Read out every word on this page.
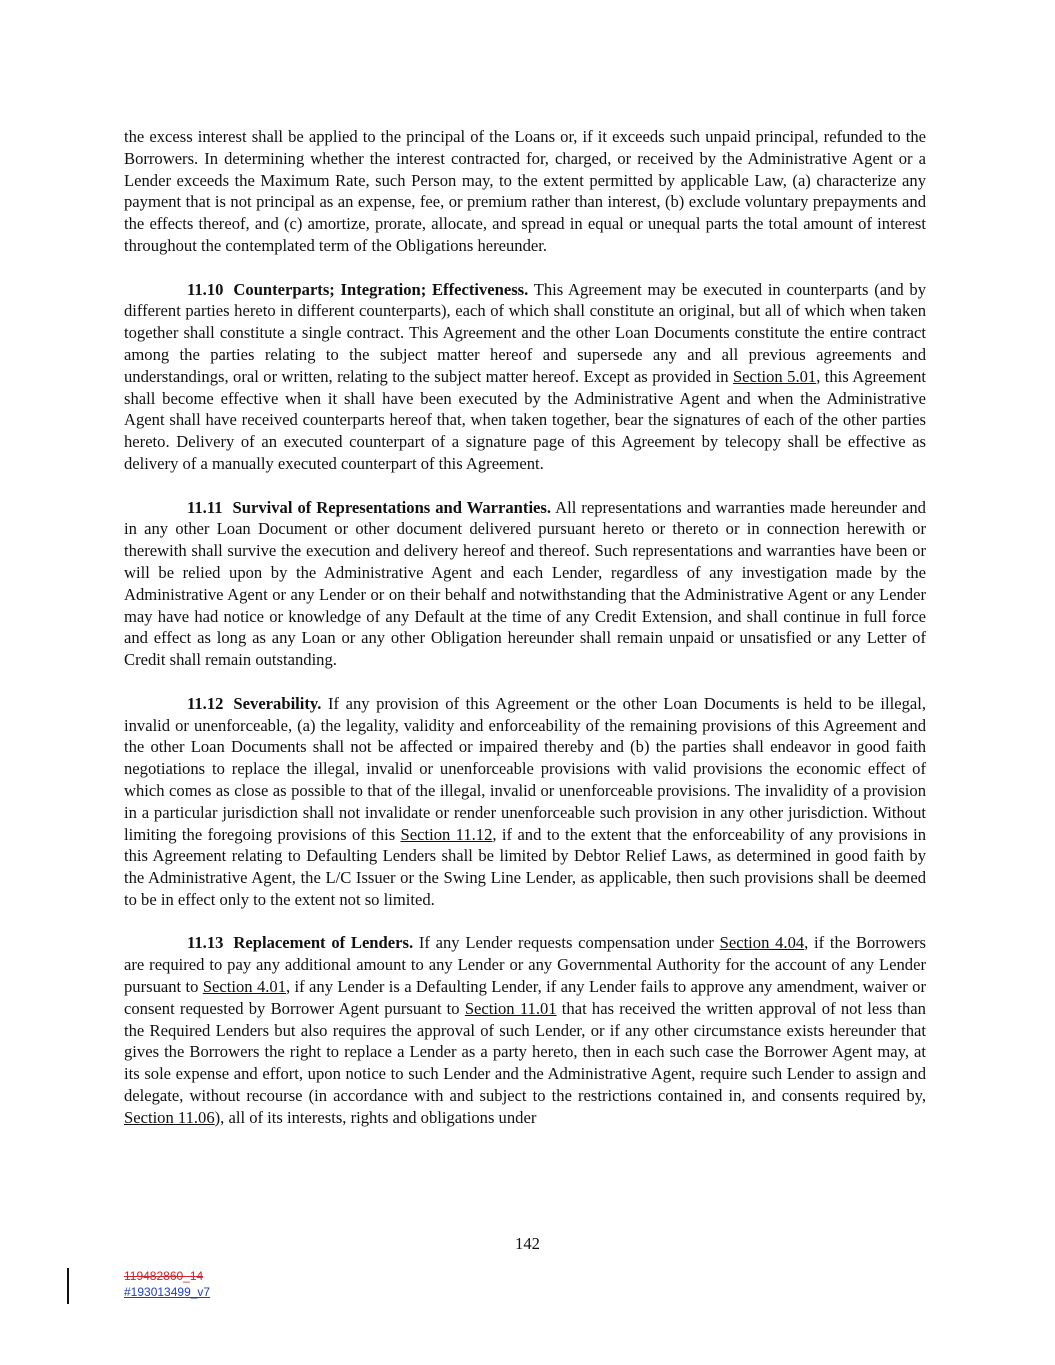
the excess interest shall be applied to the principal of the Loans or, if it exceeds such unpaid principal, refunded to the Borrowers. In determining whether the interest contracted for, charged, or received by the Administrative Agent or a Lender exceeds the Maximum Rate, such Person may, to the extent permitted by applicable Law, (a) characterize any payment that is not principal as an expense, fee, or premium rather than interest, (b) exclude voluntary prepayments and the effects thereof, and (c) amortize, prorate, allocate, and spread in equal or unequal parts the total amount of interest throughout the contemplated term of the Obligations hereunder.

11.10 Counterparts; Integration; Effectiveness. This Agreement may be executed in counterparts (and by different parties hereto in different counterparts), each of which shall constitute an original, but all of which when taken together shall constitute a single contract. This Agreement and the other Loan Documents constitute the entire contract among the parties relating to the subject matter hereof and supersede any and all previous agreements and understandings, oral or written, relating to the subject matter hereof. Except as provided in Section 5.01, this Agreement shall become effective when it shall have been executed by the Administrative Agent and when the Administrative Agent shall have received counterparts hereof that, when taken together, bear the signatures of each of the other parties hereto. Delivery of an executed counterpart of a signature page of this Agreement by telecopy shall be effective as delivery of a manually executed counterpart of this Agreement.

11.11 Survival of Representations and Warranties. All representations and warranties made hereunder and in any other Loan Document or other document delivered pursuant hereto or thereto or in connection herewith or therewith shall survive the execution and delivery hereof and thereof. Such representations and warranties have been or will be relied upon by the Administrative Agent and each Lender, regardless of any investigation made by the Administrative Agent or any Lender or on their behalf and notwithstanding that the Administrative Agent or any Lender may have had notice or knowledge of any Default at the time of any Credit Extension, and shall continue in full force and effect as long as any Loan or any other Obligation hereunder shall remain unpaid or unsatisfied or any Letter of Credit shall remain outstanding.

11.12 Severability. If any provision of this Agreement or the other Loan Documents is held to be illegal, invalid or unenforceable, (a) the legality, validity and enforceability of the remaining provisions of this Agreement and the other Loan Documents shall not be affected or impaired thereby and (b) the parties shall endeavor in good faith negotiations to replace the illegal, invalid or unenforceable provisions with valid provisions the economic effect of which comes as close as possible to that of the illegal, invalid or unenforceable provisions. The invalidity of a provision in a particular jurisdiction shall not invalidate or render unenforceable such provision in any other jurisdiction. Without limiting the foregoing provisions of this Section 11.12, if and to the extent that the enforceability of any provisions in this Agreement relating to Defaulting Lenders shall be limited by Debtor Relief Laws, as determined in good faith by the Administrative Agent, the L/C Issuer or the Swing Line Lender, as applicable, then such provisions shall be deemed to be in effect only to the extent not so limited.

11.13 Replacement of Lenders. If any Lender requests compensation under Section 4.04, if the Borrowers are required to pay any additional amount to any Lender or any Governmental Authority for the account of any Lender pursuant to Section 4.01, if any Lender is a Defaulting Lender, if any Lender fails to approve any amendment, waiver or consent requested by Borrower Agent pursuant to Section 11.01 that has received the written approval of not less than the Required Lenders but also requires the approval of such Lender, or if any other circumstance exists hereunder that gives the Borrowers the right to replace a Lender as a party hereto, then in each such case the Borrower Agent may, at its sole expense and effort, upon notice to such Lender and the Administrative Agent, require such Lender to assign and delegate, without recourse (in accordance with and subject to the restrictions contained in, and consents required by, Section 11.06), all of its interests, rights and obligations under

142
119482860_14
#193013499_v7
